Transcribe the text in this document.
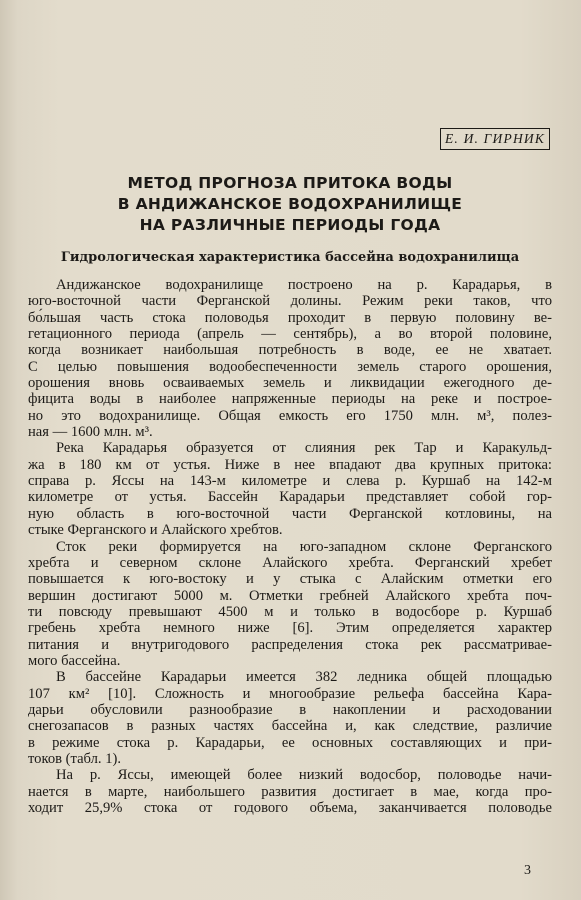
Е. И. ГИРНИК
МЕТОД ПРОГНОЗА ПРИТОКА ВОДЫ
В АНДИЖАНСКОЕ ВОДОХРАНИЛИЩЕ
НА РАЗЛИЧНЫЕ ПЕРИОДЫ ГОДА
Гидрологическая характеристика бассейна водохранилища
Андижанское водохранилище построено на р. Карадарья, в
юго-восточной части Ферганской долины. Режим реки таков, что
бо́льшая часть стока половодья проходит в первую половину ве-
гетационного периода (апрель — сентябрь), а во второй половине,
когда возникает наибольшая потребность в воде, ее не хватает.
С целью повышения водообеспеченности земель старого орошения,
орошения вновь осваиваемых земель и ликвидации ежегодного де-
фицита воды в наиболее напряженные периоды на реке и построе-
но это водохранилище. Общая емкость его 1750 млн. м³, полез-
ная — 1600 млн. м³.
Река Карадарья образуется от слияния рек Тар и Каракульд-
жа в 180 км от устья. Ниже в нее впадают два крупных притока:
справа р. Яссы на 143-м километре и слева р. Куршаб на 142-м
километре от устья. Бассейн Карадарьи представляет собой гор-
ную область в юго-восточной части Ферганской котловины, на
стыке Ферганского и Алайского хребтов.
Сток реки формируется на юго-западном склоне Ферганского
хребта и северном склоне Алайского хребта. Ферганский хребет
повышается к юго-востоку и у стыка с Алайским отметки его
вершин достигают 5000 м. Отметки гребней Алайского хребта поч-
ти повсюду превышают 4500 м и только в водосборе р. Куршаб
гребень хребта немного ниже [6]. Этим определяется характер
питания и внутригодового распределения стока рек рассматривае-
мого бассейна.
В бассейне Карадарьи имеется 382 ледника общей площадью
107 км² [10]. Сложность и многообразие рельефа бассейна Кара-
дарьи обусловили разнообразие в накоплении и расходовании
снегозапасов в разных частях бассейна и, как следствие, различие
в режиме стока р. Карадарьи, ее основных составляющих и при-
токов (табл. 1).
На р. Яссы, имеющей более низкий водосбор, половодье начи-
нается в марте, наибольшего развития достигает в мае, когда про-
ходит 25,9% стока от годового объема, заканчивается половодье
3
